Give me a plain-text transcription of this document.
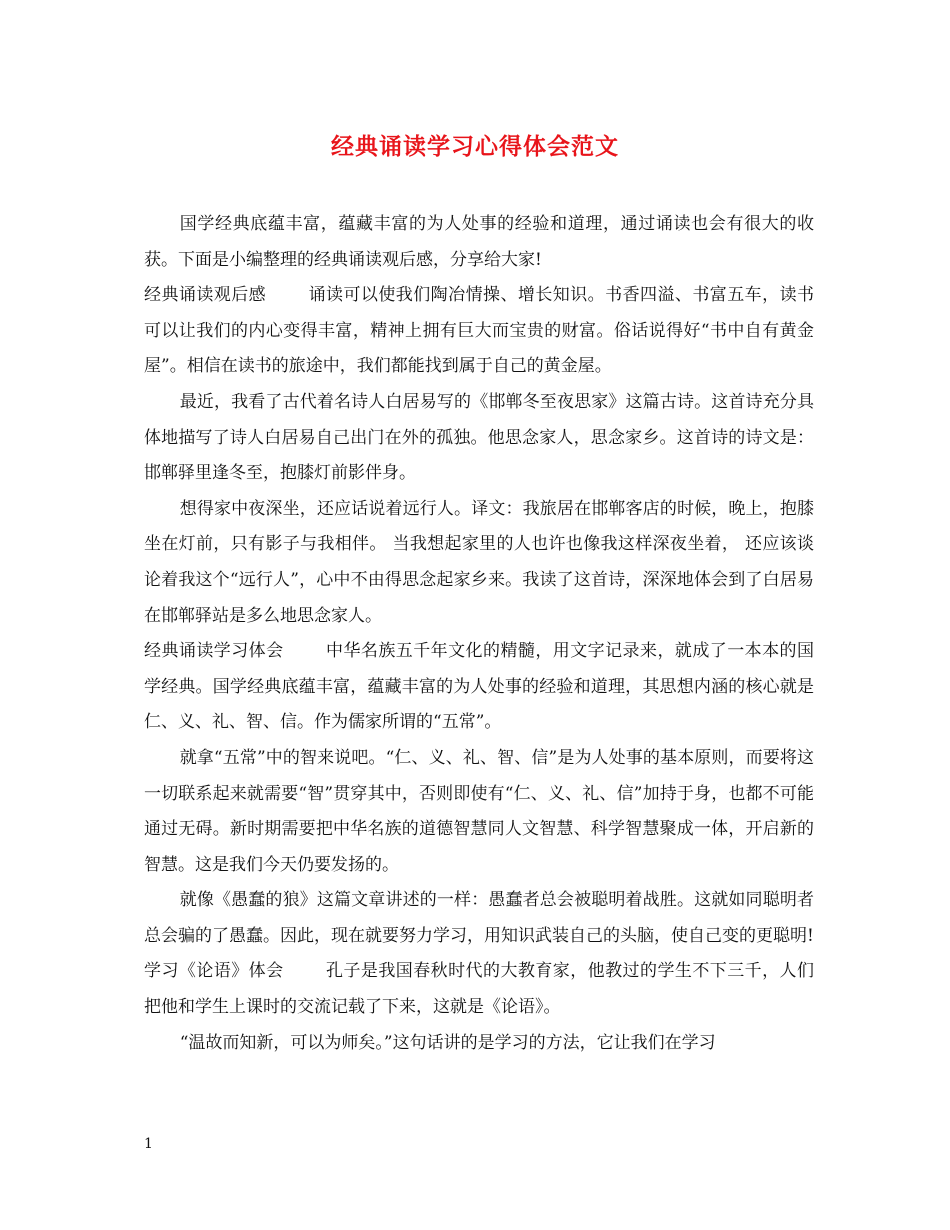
经典诵读学习心得体会范文

国学经典底蕴丰富，蕴藏丰富的为人处事的经验和道理，通过诵读也会有很大的收获。下面是小编整理的经典诵读观后感，分享给大家!

经典诵读观后感 诵读可以使我们陶冶情操、增长知识。书香四溢、书富五车，读书可以让我们的内心变得丰富，精神上拥有巨大而宝贵的财富。俗话说得好“书中自有黄金屋”。相信在读书的旅途中，我们都能找到属于自己的黄金屋。

最近，我看了古代着名诗人白居易写的《邯郸冬至夜思家》这篇古诗。这首诗充分具体地描写了诗人白居易自己出门在外的孤独。他思念家人，思念家乡。这首诗的诗文是：邯郸驿里逢冬至，抱膝灯前影伴身。

想得家中夜深坐，还应话说着远行人。译文：我旅居在邯郸客店的时候，晚上，抱膝坐在灯前，只有影子与我相伴。 当我想起家里的人也许也像我这样深夜坐着， 还应该谈论着我这个“远行人”，心中不由得思念起家乡来。我读了这首诗，深深地体会到了白居易在邯郸驿站是多么地思念家人。

经典诵读学习体会 中华名族五千年文化的精髓，用文字记录来，就成了一本本的国学经典。国学经典底蕴丰富，蕴藏丰富的为人处事的经验和道理，其思想内涵的核心就是仁、义、礼、智、信。作为儒家所谓的“五常”。

就拿“五常”中的智来说吧。“仁、义、礼、智、信”是为人处事的基本原则，而要将这一切联系起来就需要“智”贯穿其中，否则即使有“仁、义、礼、信”加持于身，也都不可能通过无碍。新时期需要把中华名族的道德智慧同人文智慧、科学智慧聚成一体，开启新的智慧。这是我们今天仍要发扬的。

就像《愚蠢的狼》这篇文章讲述的一样：愚蠢者总会被聪明着战胜。这就如同聪明者总会骗的了愚蠢。因此，现在就要努力学习，用知识武装自己的头脑，使自己变的更聪明!

学习《论语》体会 孔子是我国春秋时代的大教育家，他教过的学生不下三千，人们把他和学生上课时的交流记载了下来，这就是《论语》。

“温故而知新，可以为师矣。”这句话讲的是学习的方法，它让我们在学习

1
